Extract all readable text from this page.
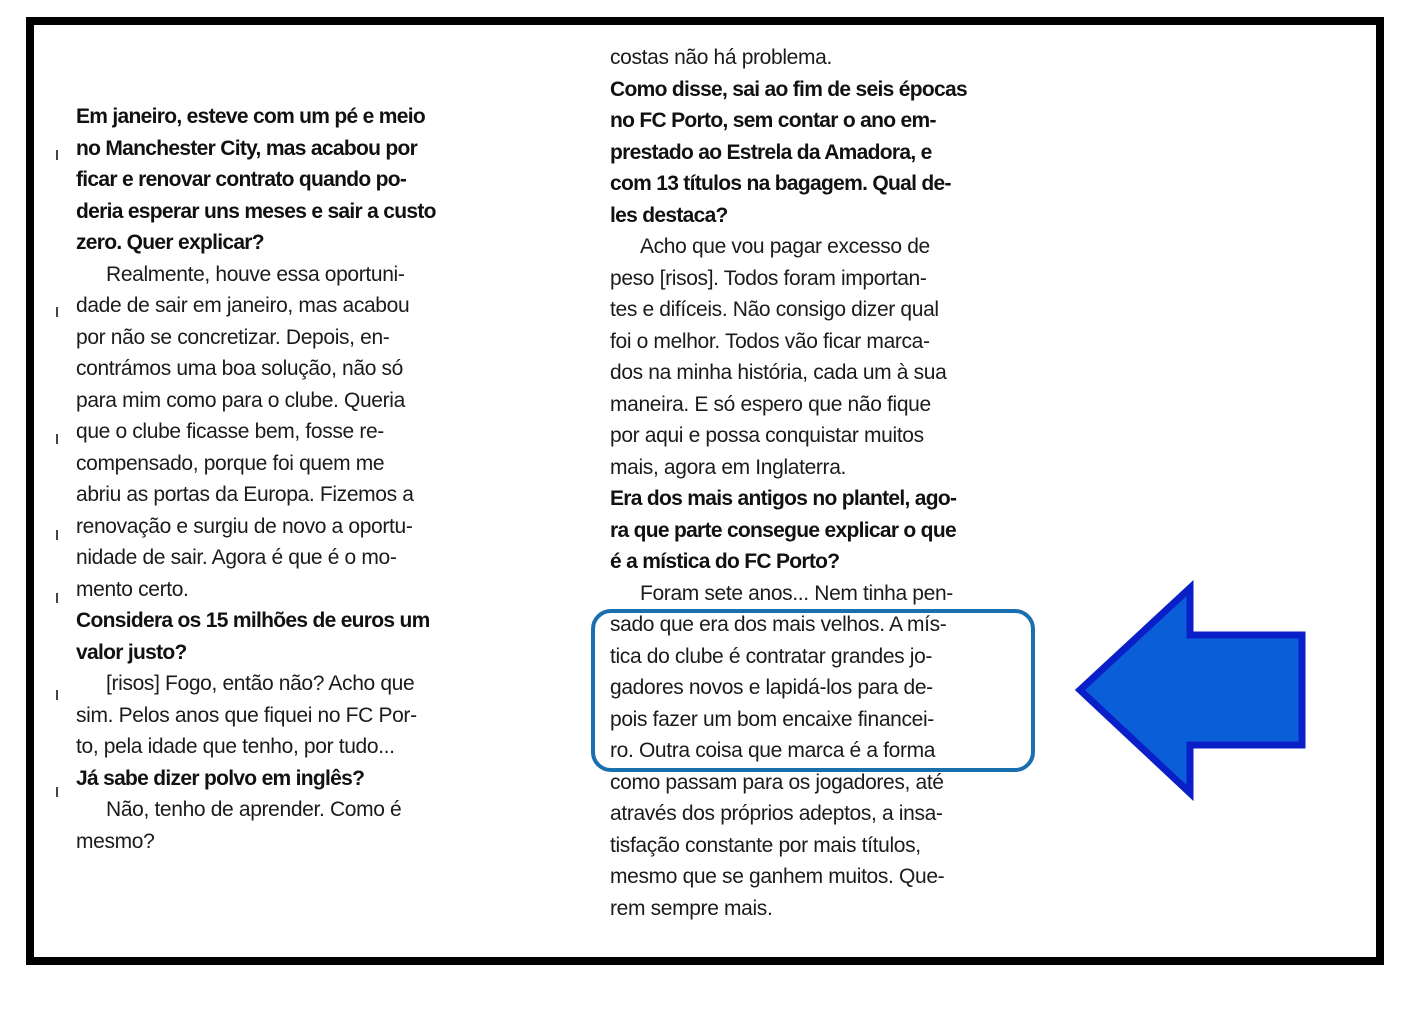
Em janeiro, esteve com um pé e meio
no Manchester City, mas acabou por
ficar e renovar contrato quando po-
deria esperar uns meses e sair a custo
zero. Quer explicar?
Realmente, houve essa oportuni-
dade de sair em janeiro, mas acabou
por não se concretizar. Depois, en-
contrámos uma boa solução, não só
para mim como para o clube. Queria
que o clube ficasse bem, fosse re-
compensado, porque foi quem me
abriu as portas da Europa. Fizemos a
renovação e surgiu de novo a oportu-
nidade de sair. Agora é que é o mo-
mento certo.
Considera os 15 milhões de euros um
valor justo?
[risos] Fogo, então não? Acho que
sim. Pelos anos que fiquei no FC Por-
to, pela idade que tenho, por tudo...
Já sabe dizer polvo em inglês?
Não, tenho de aprender. Como é
mesmo?
costas não há problema.
Como disse, sai ao fim de seis épocas
no FC Porto, sem contar o ano em-
prestado ao Estrela da Amadora, e
com 13 títulos na bagagem. Qual de-
les destaca?
Acho que vou pagar excesso de
peso [risos]. Todos foram importan-
tes e difíceis. Não consigo dizer qual
foi o melhor. Todos vão ficar marca-
dos na minha história, cada um à sua
maneira. E só espero que não fique
por aqui e possa conquistar muitos
mais, agora em Inglaterra.
Era dos mais antigos no plantel, ago-
ra que parte consegue explicar o que
é a mística do FC Porto?
Foram sete anos... Nem tinha pen-
sado que era dos mais velhos. A mís-
tica do clube é contratar grandes jo-
gadores novos e lapidá-los para de-
pois fazer um bom encaixe financei-
ro. Outra coisa que marca é a forma
como passam para os jogadores, até
através dos próprios adeptos, a insa-
tisfação constante por mais títulos,
mesmo que se ganhem muitos. Que-
rem sempre mais.
